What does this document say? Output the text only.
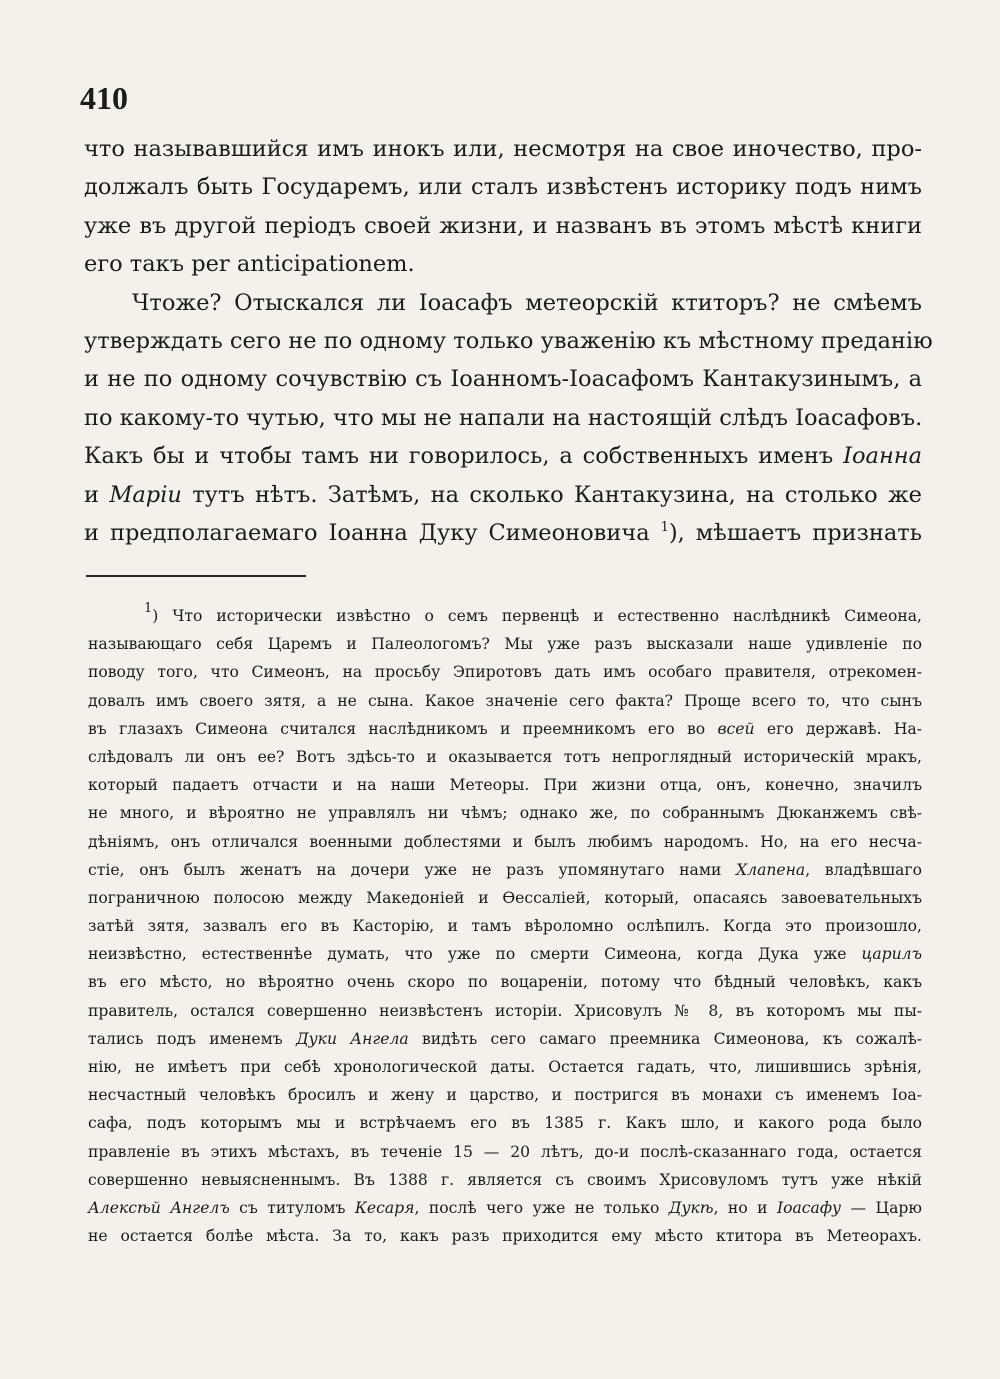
410
что называвшийся имъ инокъ или, несмотря на свое иночество, про-
должалъ быть Государемъ, или сталъ извѣстенъ историку подъ нимъ
уже въ другой періодъ своей жизни, и названъ въ этомъ мѣстѣ книги
его такъ per anticipationem.
Чтоже? Отыскался ли Іоасафъ метеорскій ктиторъ? не смѣемъ
утверждать сего не по одному только уваженію къ мѣстному преданію
и не по одному сочувствію съ Іоанномъ-Іоасафомъ Кантакузинымъ, а
по какому-то чутью, что мы не напали на настоящій слѣдъ Іоасафовъ.
Какъ бы и чтобы тамъ ни говорилось, а собственныхъ именъ Іоанна
и Маріи тутъ нѣтъ. Затѣмъ, на сколько Кантакузина, на столько же
и предполагаемаго Іоанна Дуку Симеоновича $^1$), мѣшаетъ признать
$^1$) Что исторически извѣстно о семъ первенцѣ и естественно наслѣдникѣ Симеона,
называющаго себя Царемъ и Палеологомъ? Мы уже разъ высказали наше удивленіе по
поводу того, что Симеонъ, на просьбу Эпиротовъ дать имъ особаго правителя, отрекомен-
довалъ имъ своего зятя, а не сына. Какое значеніе сего факта? Проще всего то, что сынъ
въ глазахъ Симеона считался наслѣдникомъ и преемникомъ его во всей его державѣ. На-
слѣдовалъ ли онъ ее? Вотъ здѣсь-то и оказывается тотъ непроглядный историческій мракъ,
который падаетъ отчасти и на наши Метеоры. При жизни отца, онъ, конечно, значилъ
не много, и вѣроятно не управлялъ ни чѣмъ; однако же, по собраннымъ Дюканжемъ свѣ-
дѣніямъ, онъ отличался военными доблестями и былъ любимъ народомъ. Но, на его несча-
стіе, онъ былъ женатъ на дочери уже не разъ упомянутаго нами Хлапена, владѣвшаго
пограничною полосою между Македоніей и Ѳессаліей, который, опасаясь завоевательныхъ
затѣй зятя, зазвалъ его въ Касторію, и тамъ вѣроломно ослѣпилъ. Когда это произошло,
неизвѣстно, естественнѣе думать, что уже по смерти Симеона, когда Дука уже царилъ
въ его мѣсто, но вѣроятно очень скоро по воцареніи, потому что бѣдный человѣкъ, какъ
правитель, остался совершенно неизвѣстенъ исторіи. Хрисовулъ № 8, въ которомъ мы пы-
тались подъ именемъ Дуки Ангела видѣть сего самаго преемника Симеонова, къ сожалѣ-
нію, не имѣетъ при себѣ хронологической даты. Остается гадать, что, лишившись зрѣнія,
несчастный человѣкъ бросилъ и жену и царство, и постригся въ монахи съ именемъ Іоа-
сафа, подъ которымъ мы и встрѣчаемъ его въ 1385 г. Какъ шло, и какого рода было
правленіе въ этихъ мѣстахъ, въ теченіе 15 — 20 лѣтъ, до-и послѣ-сказаннаго года, остается
совершенно невыясненнымъ. Въ 1388 г. является съ своимъ Хрисовуломъ тутъ уже нѣкій
Алексѣй Ангелъ съ титуломъ Кесаря, послѣ чего уже не только Дукѣ, но и Іоасафу — Царю
не остается болѣе мѣста. За то, какъ разъ приходится ему мѣсто ктитора въ Метеорахъ.
